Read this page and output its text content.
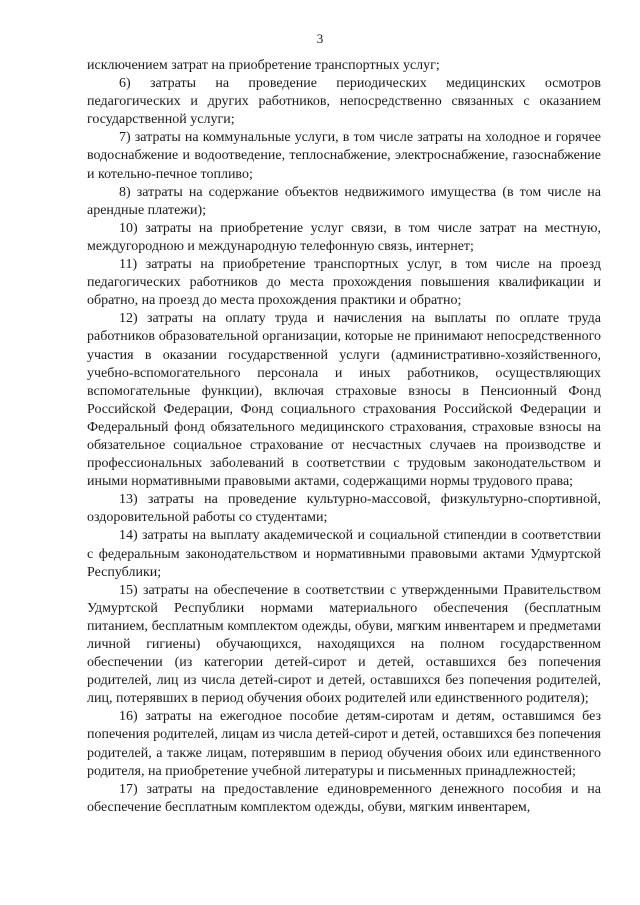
3

исключением затрат на приобретение транспортных услуг;

6) затраты на проведение периодических медицинских осмотров педагогических и других работников, непосредственно связанных с оказанием государственной услуги;

7) затраты на коммунальные услуги, в том числе затраты на холодное и горячее водоснабжение и водоотведение, теплоснабжение, электроснабжение, газоснабжение и котельно-печное топливо;

8) затраты на содержание объектов недвижимого имущества (в том числе на арендные платежи);

10) затраты на приобретение услуг связи, в том числе затрат на местную, междугородною и международную телефонную связь, интернет;

11) затраты на приобретение транспортных услуг, в том числе на проезд педагогических работников до места прохождения повышения квалификации и обратно, на проезд до места прохождения практики и обратно;

12) затраты на оплату труда и начисления на выплаты по оплате труда работников образовательной организации, которые не принимают непосредственного участия в оказании государственной услуги (административно-хозяйственного, учебно-вспомогательного персонала и иных работников, осуществляющих вспомогательные функции), включая страховые взносы в Пенсионный Фонд Российской Федерации, Фонд социального страхования Российской Федерации и Федеральный фонд обязательного медицинского страхования, страховые взносы на обязательное социальное страхование от несчастных случаев на производстве и профессиональных заболеваний в соответствии с трудовым законодательством и иными нормативными правовыми актами, содержащими нормы трудового права;

13) затраты на проведение культурно-массовой, физкультурно-спортивной, оздоровительной работы со студентами;

14) затраты на выплату академической и социальной стипендии в соответствии с федеральным законодательством и нормативными правовыми актами Удмуртской Республики;

15) затраты на обеспечение в соответствии с утвержденными Правительством Удмуртской Республики нормами материального обеспечения (бесплатным питанием, бесплатным комплектом одежды, обуви, мягким инвентарем и предметами личной гигиены) обучающихся, находящихся на полном государственном обеспечении (из категории детей-сирот и детей, оставшихся без попечения родителей, лиц из числа детей-сирот и детей, оставшихся без попечения родителей, лиц, потерявших в период обучения обоих родителей или единственного родителя);

16) затраты на ежегодное пособие детям-сиротам и детям, оставшимся без попечения родителей, лицам из числа детей-сирот и детей, оставшихся без попечения родителей, а также лицам, потерявшим в период обучения обоих или единственного родителя, на приобретение учебной литературы и письменных принадлежностей;

17) затраты на предоставление единовременного денежного пособия и на обеспечение бесплатным комплектом одежды, обуви, мягким инвентарем,
